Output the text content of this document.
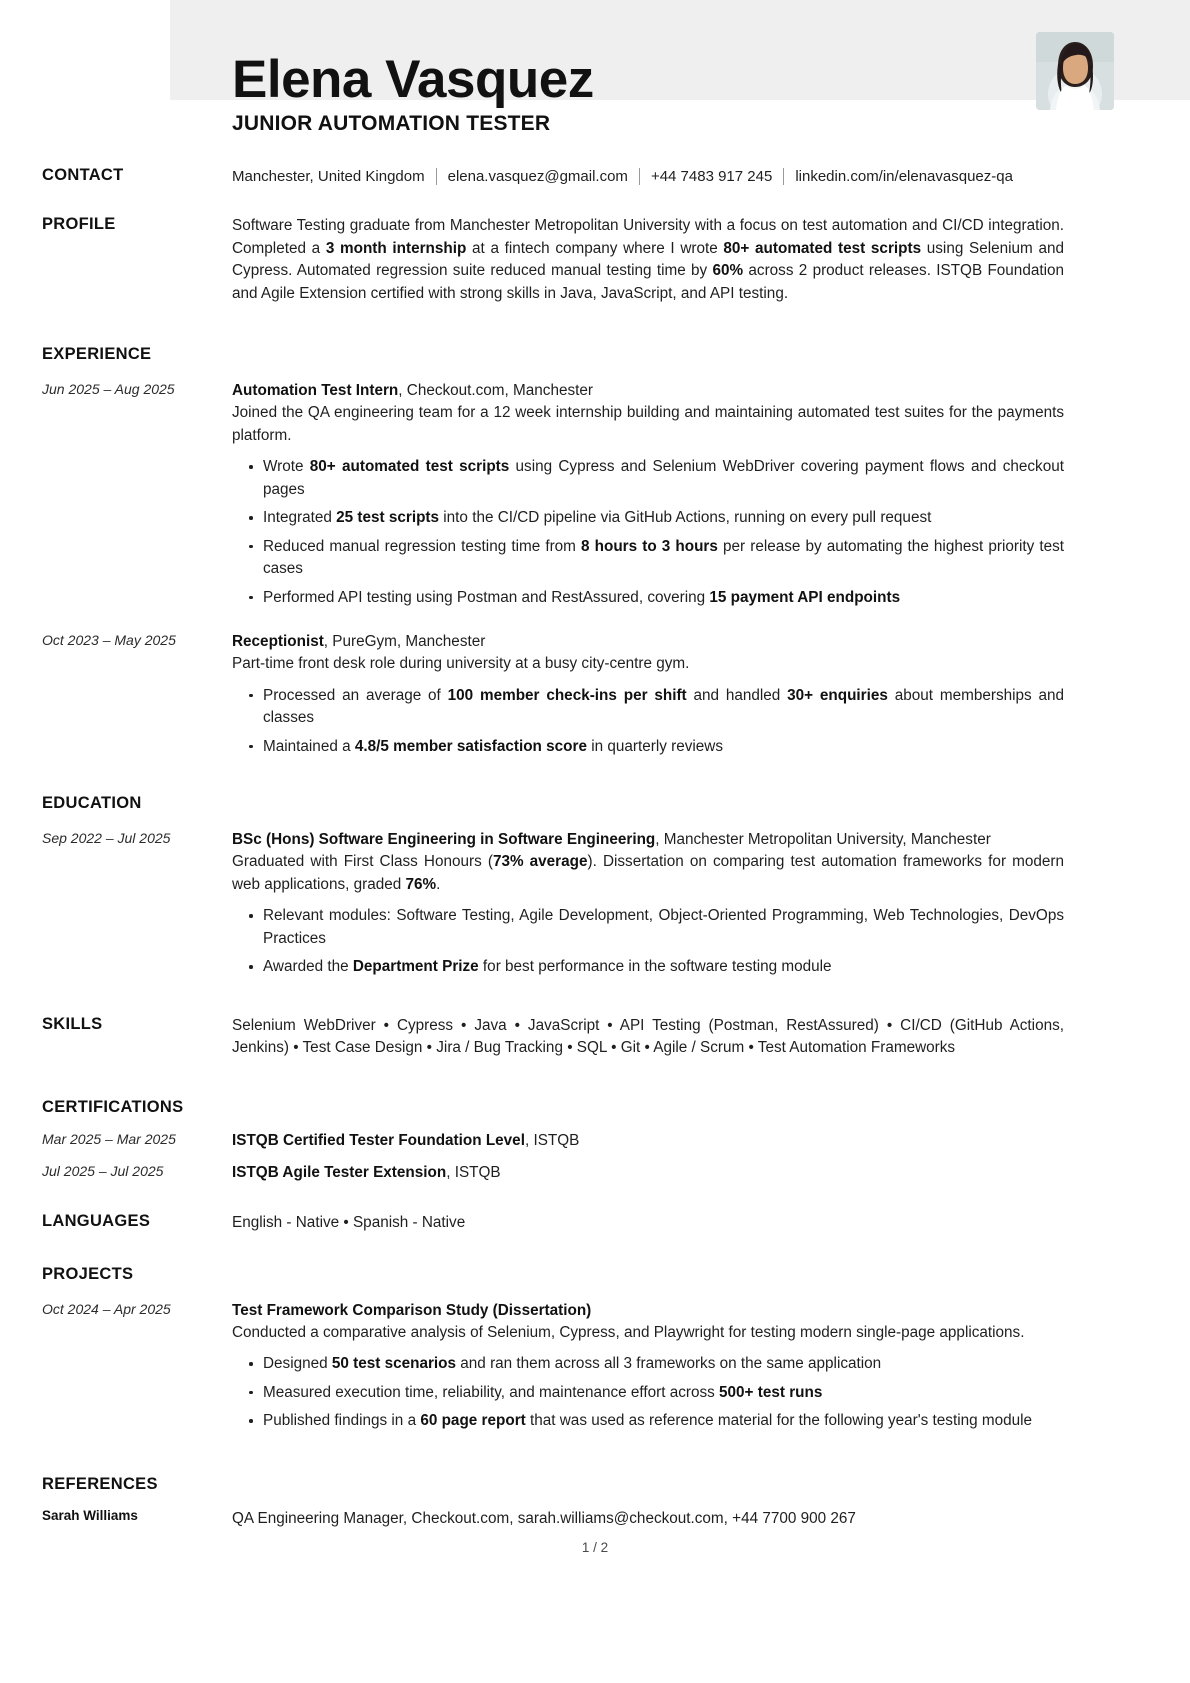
Elena Vasquez
JUNIOR AUTOMATION TESTER
CONTACT	Manchester, United Kingdom elena.vasquez@gmail.com +44 7483 917 245 linkedin.com/in/elenavasquez-qa
PROFILE	Software Testing graduate from Manchester Metropolitan University with a focus on test automation and CI/CD integration. Completed a 3 month internship at a fintech company where I wrote 80+ automated test scripts using Selenium and Cypress. Automated regression suite reduced manual testing time by 60% across 2 product releases. ISTQB Foundation and Agile Extension certified with strong skills in Java, JavaScript, and API testing.
EXPERIENCE
Jun 2025 – Aug 2025	Automation Test Intern, Checkout.com, Manchester
Joined the QA engineering team for a 12 week internship building and maintaining automated test suites for the payments platform.
Wrote 80+ automated test scripts using Cypress and Selenium WebDriver covering payment flows and checkout pages
Integrated 25 test scripts into the CI/CD pipeline via GitHub Actions, running on every pull request
Reduced manual regression testing time from 8 hours to 3 hours per release by automating the highest priority test cases
Performed API testing using Postman and RestAssured, covering 15 payment API endpoints
Oct 2023 – May 2025	Receptionist, PureGym, Manchester
Part-time front desk role during university at a busy city-centre gym.
Processed an average of 100 member check-ins per shift and handled 30+ enquiries about memberships and classes
Maintained a 4.8/5 member satisfaction score in quarterly reviews
EDUCATION
Sep 2022 – Jul 2025	BSc (Hons) Software Engineering in Software Engineering, Manchester Metropolitan University, Manchester
Graduated with First Class Honours (73% average). Dissertation on comparing test automation frameworks for modern web applications, graded 76%.
Relevant modules: Software Testing, Agile Development, Object-Oriented Programming, Web Technologies, DevOps Practices
Awarded the Department Prize for best performance in the software testing module
SKILLS	Selenium WebDriver • Cypress • Java • JavaScript • API Testing (Postman, RestAssured) • CI/CD (GitHub Actions, Jenkins) • Test Case Design • Jira / Bug Tracking • SQL • Git • Agile / Scrum • Test Automation Frameworks
CERTIFICATIONS
Mar 2025 – Mar 2025	ISTQB Certified Tester Foundation Level, ISTQB
Jul 2025 – Jul 2025	ISTQB Agile Tester Extension, ISTQB
LANGUAGES	English - Native • Spanish - Native
PROJECTS
Oct 2024 – Apr 2025	Test Framework Comparison Study (Dissertation)
Conducted a comparative analysis of Selenium, Cypress, and Playwright for testing modern single-page applications.
Designed 50 test scenarios and ran them across all 3 frameworks on the same application
Measured execution time, reliability, and maintenance effort across 500+ test runs
Published findings in a 60 page report that was used as reference material for the following year's testing module
REFERENCES
Sarah Williams	QA Engineering Manager, Checkout.com, sarah.williams@checkout.com, +44 7700 900 267
1 / 2
